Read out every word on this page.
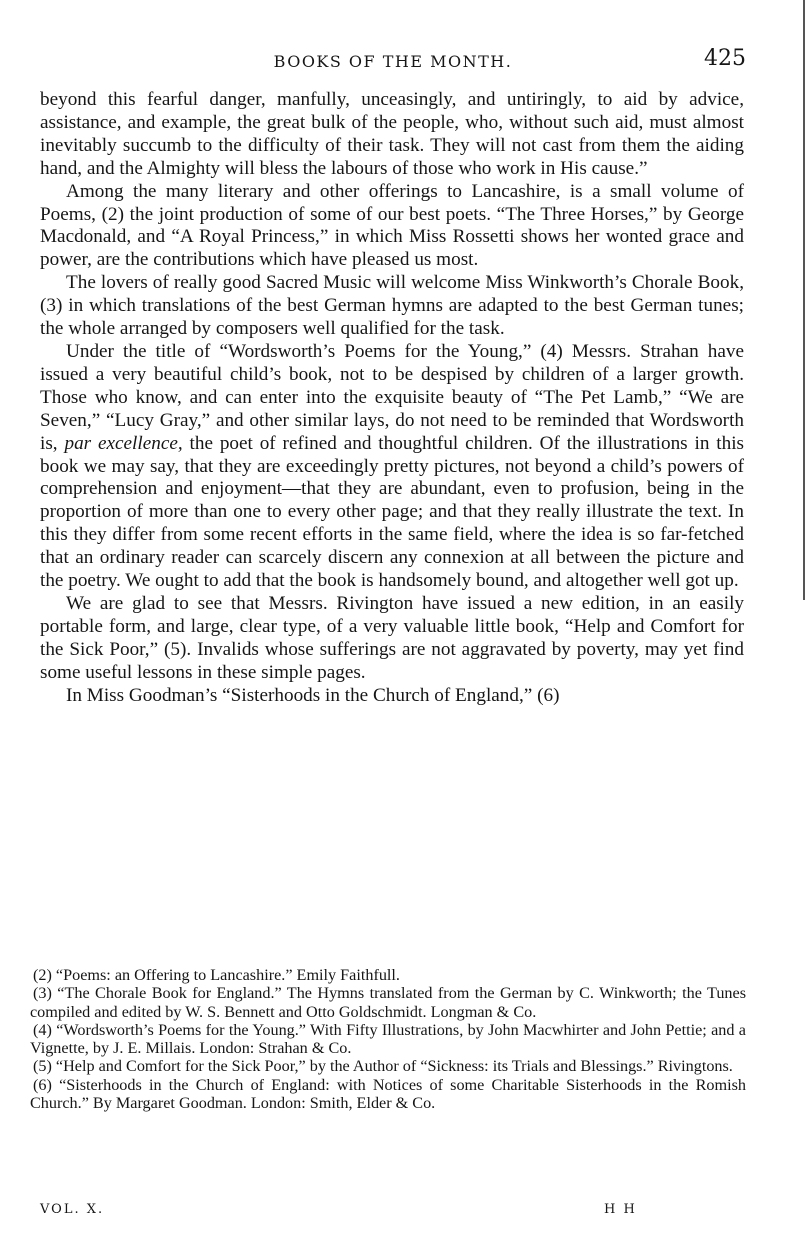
BOOKS OF THE MONTH.	425

beyond this fearful danger, manfully, unceasingly, and untiringly, to aid by advice, assistance, and example, the great bulk of the people, who, without such aid, must almost inevitably succumb to the difficulty of their task. They will not cast from them the aiding hand, and the Almighty will bless the labours of those who work in His cause.”

Among the many literary and other offerings to Lancashire, is a small volume of Poems, (2) the joint production of some of our best poets. “The Three Horses,” by George Macdonald, and “A Royal Princess,” in which Miss Rossetti shows her wonted grace and power, are the contributions which have pleased us most.

The lovers of really good Sacred Music will welcome Miss Winkworth’s Chorale Book, (3) in which translations of the best German hymns are adapted to the best German tunes; the whole arranged by composers well qualified for the task.

Under the title of “Wordsworth’s Poems for the Young,” (4) Messrs. Strahan have issued a very beautiful child’s book, not to be despised by children of a larger growth. Those who know, and can enter into the exquisite beauty of “The Pet Lamb,” “We are Seven,” “Lucy Gray,” and other similar lays, do not need to be reminded that Wordsworth is, par excellence, the poet of refined and thoughtful children. Of the illustrations in this book we may say, that they are exceedingly pretty pictures, not beyond a child’s powers of comprehension and enjoyment—that they are abundant, even to profusion, being in the proportion of more than one to every other page; and that they really illustrate the text. In this they differ from some recent efforts in the same field, where the idea is so far-fetched that an ordinary reader can scarcely discern any connexion at all between the picture and the poetry. We ought to add that the book is handsomely bound, and altogether well got up.

We are glad to see that Messrs. Rivington have issued a new edition, in an easily portable form, and large, clear type, of a very valuable little book, “Help and Comfort for the Sick Poor,” (5). Invalids whose sufferings are not aggravated by poverty, may yet find some useful lessons in these simple pages.

In Miss Goodman’s “Sisterhoods in the Church of England,” (6)

(2) “Poems: an Offering to Lancashire.” Emily Faithfull.

(3) “The Chorale Book for England.” The Hymns translated from the German by C. Winkworth; the Tunes compiled and edited by W. S. Bennett and Otto Goldschmidt. Longman & Co.

(4) “Wordsworth’s Poems for the Young.” With Fifty Illustrations, by John Macwhirter and John Pettie; and a Vignette, by J. E. Millais. London: Strahan & Co.

(5) “Help and Comfort for the Sick Poor,” by the Author of “Sickness: its Trials and Blessings.” Rivingtons.

(6) “Sisterhoods in the Church of England: with Notices of some Charitable Sisterhoods in the Romish Church.” By Margaret Goodman. London: Smith, Elder & Co.

VOL. X.	H H
